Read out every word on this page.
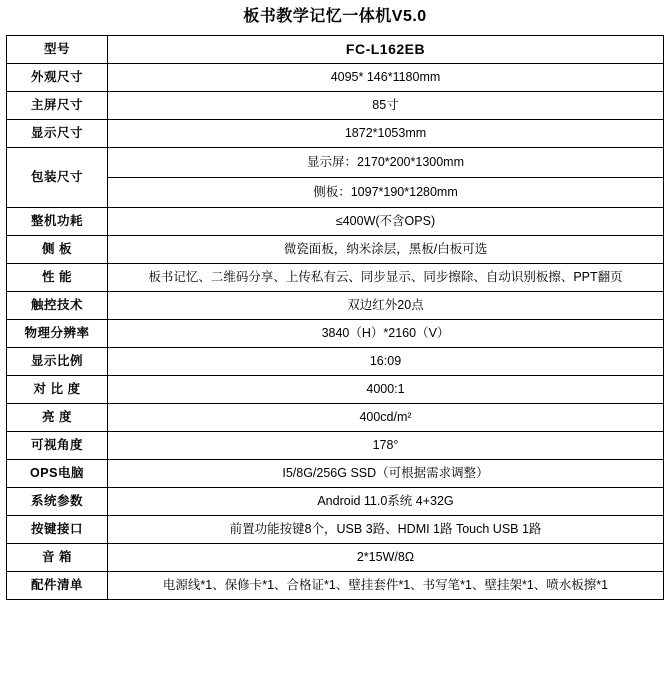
板书教学记忆一体机V5.0
型号	FC-L162EB
外观尺寸	4095* 146*1180mm
主屏尺寸	85寸
显示尺寸	1872*1053mm
包装尺寸	显示屏：2170*200*1300mm
	侧板：1097*190*1280mm
整机功耗	≤400W(不含OPS)
侧 板	微瓷面板，纳米涂层，黑板/白板可选
性 能	板书记忆、二维码分享、上传私有云、同步显示、同步擦除、自动识别板擦、PPT翻页
触控技术	双边红外20点
物理分辨率	3840（H）*2160（V）
显示比例	16:09
对 比 度	4000:1
亮 度	400cd/m²
可视角度	178°
OPS电脑	I5/8G/256G SSD（可根据需求调整）
系统参数	Android 11.0系统 4+32G
按键接口	前置功能按键8个，USB 3路、HDMI 1路 Touch USB 1路
音 箱	2*15W/8Ω
配件清单	电源线*1、保修卡*1、合格证*1、壁挂套件*1、书写笔*1、壁挂架*1、喷水板擦*1
